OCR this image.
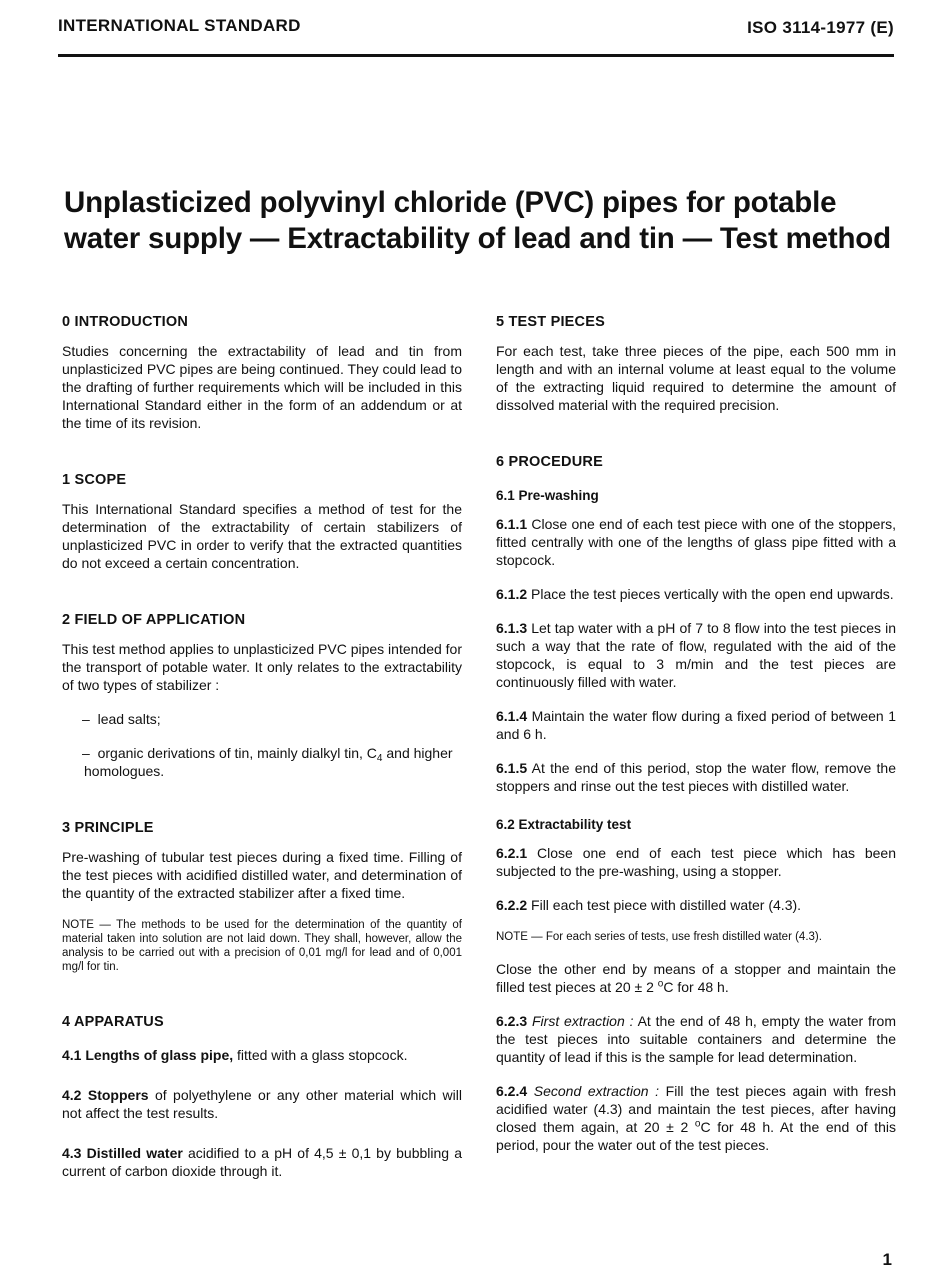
INTERNATIONAL STANDARD	ISO 3114-1977 (E)
Unplasticized polyvinyl chloride (PVC) pipes for potable
water supply — Extractability of lead and tin — Test method
0 INTRODUCTION

Studies concerning the extractability of lead and tin from unplasticized PVC pipes are being continued. They could lead to the drafting of further requirements which will be included in this International Standard either in the form of an addendum or at the time of its revision.

1 SCOPE

This International Standard specifies a method of test for the determination of the extractability of certain stabilizers of unplasticized PVC in order to verify that the extracted quantities do not exceed a certain concentration.

2 FIELD OF APPLICATION

This test method applies to unplasticized PVC pipes intended for the transport of potable water. It only relates to the extractability of two types of stabilizer :

–  lead salts;

–  organic derivations of tin, mainly dialkyl tin, $C_4$ and higher homologues.

3 PRINCIPLE

Pre-washing of tubular test pieces during a fixed time. Filling of the test pieces with acidified distilled water, and determination of the quantity of the extracted stabilizer after a fixed time.

NOTE — The methods to be used for the determination of the quantity of material taken into solution are not laid down. They shall, however, allow the analysis to be carried out with a precision of 0,01 mg/l for lead and of 0,001 mg/l for tin.

4 APPARATUS

4.1 Lengths of glass pipe, fitted with a glass stopcock.

4.2 Stoppers of polyethylene or any other material which will not affect the test results.

4.3 Distilled water acidified to a pH of 4,5 ± 0,1 by bubbling a current of carbon dioxide through it.

5 TEST PIECES

For each test, take three pieces of the pipe, each 500 mm in length and with an internal volume at least equal to the volume of the extracting liquid required to determine the amount of dissolved material with the required precision.

6 PROCEDURE
6.1 Pre-washing

6.1.1 Close one end of each test piece with one of the stoppers, fitted centrally with one of the lengths of glass pipe fitted with a stopcock.

6.1.2 Place the test pieces vertically with the open end upwards.

6.1.3 Let tap water with a pH of 7 to 8 flow into the test pieces in such a way that the rate of flow, regulated with the aid of the stopcock, is equal to 3 m/min and the test pieces are continuously filled with water.

6.1.4 Maintain the water flow during a fixed period of between 1 and 6 h.

6.1.5 At the end of this period, stop the water flow, remove the stoppers and rinse out the test pieces with distilled water.

6.2 Extractability test

6.2.1 Close one end of each test piece which has been subjected to the pre-washing, using a stopper.

6.2.2 Fill each test piece with distilled water (4.3).

NOTE — For each series of tests, use fresh distilled water (4.3).

Close the other end by means of a stopper and maintain the filled test pieces at 20 ± 2 $^o$C for 48 h.

6.2.3 First extraction : At the end of 48 h, empty the water from the test pieces into suitable containers and determine the quantity of lead if this is the sample for lead determination.

6.2.4 Second extraction : Fill the test pieces again with fresh acidified water (4.3) and maintain the test pieces, after having closed them again, at 20 ± 2 $^o$C for 48 h. At the end of this period, pour the water out of the test pieces.

1
